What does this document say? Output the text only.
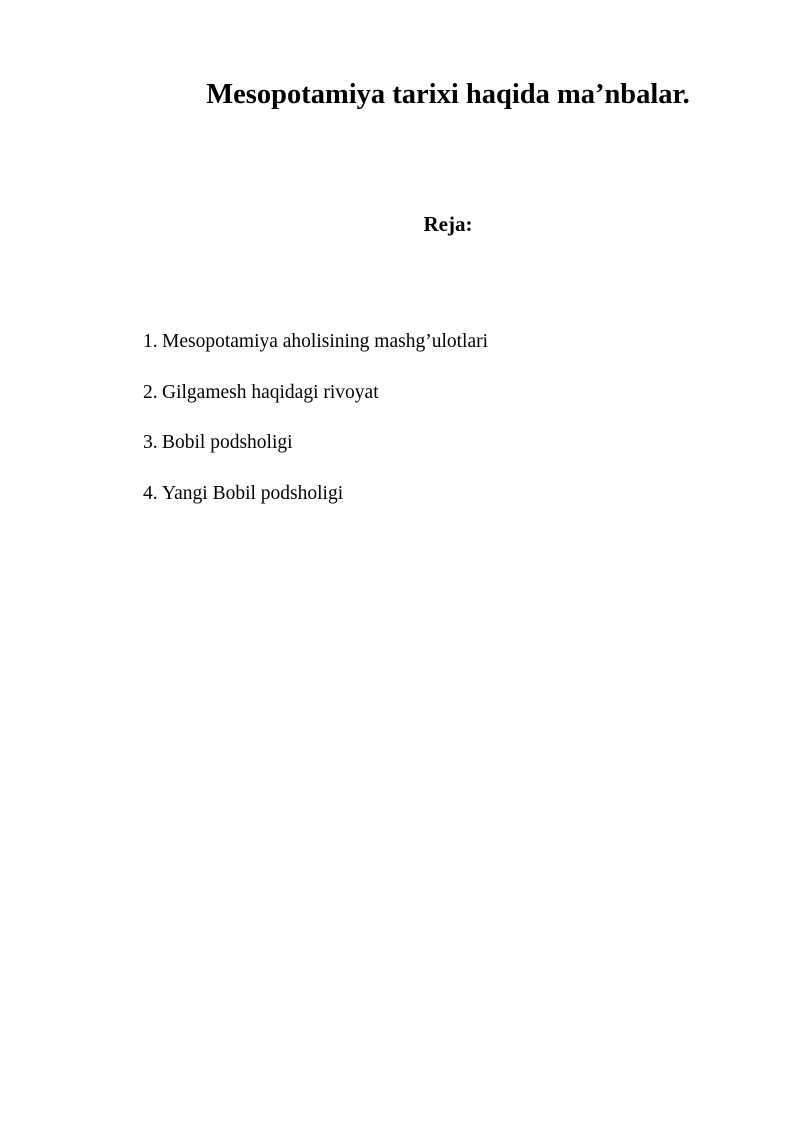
Mesopotamiya tarixi haqida ma’nbalar.
Reja:
1. Mesopotamiya aholisining mashg’ulotlari
2. Gilgamesh haqidagi rivoyat
3. Bobil podsholigi
4. Yangi Bobil podsholigi
